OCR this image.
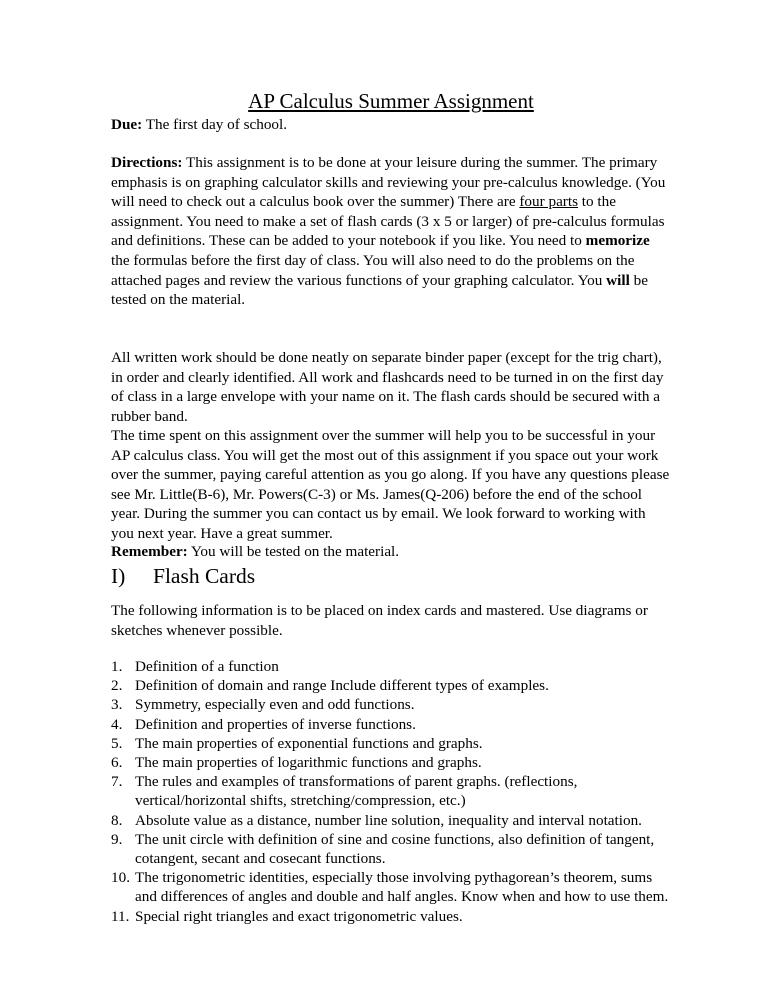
AP Calculus Summer Assignment
Due: The first day of school.
Directions: This assignment is to be done at your leisure during the summer. The primary emphasis is on graphing calculator skills and reviewing your pre-calculus knowledge. (You will need to check out a calculus book over the summer) There are four parts to the assignment. You need to make a set of flash cards (3 x 5 or larger) of pre-calculus formulas and definitions. These can be added to your notebook if you like. You need to memorize the formulas before the first day of class. You will also need to do the problems on the attached pages and review the various functions of your graphing calculator. You will be tested on the material.
All written work should be done neatly on separate binder paper (except for the trig chart), in order and clearly identified. All work and flashcards need to be turned in on the first day of class in a large envelope with your name on it. The flash cards should be secured with a rubber band.
The time spent on this assignment over the summer will help you to be successful in your AP calculus class. You will get the most out of this assignment if you space out your work over the summer, paying careful attention as you go along. If you have any questions please see Mr. Little(B-6), Mr. Powers(C-3) or Ms. James(Q-206) before the end of the school year. During the summer you can contact us by email. We look forward to working with you next year. Have a great summer.
Remember: You will be tested on the material.
I) Flash Cards
The following information is to be placed on index cards and mastered. Use diagrams or sketches whenever possible.
1. Definition of a function
2. Definition of domain and range Include different types of examples.
3. Symmetry, especially even and odd functions.
4. Definition and properties of inverse functions.
5. The main properties of exponential functions and graphs.
6. The main properties of logarithmic functions and graphs.
7. The rules and examples of transformations of parent graphs. (reflections, vertical/horizontal shifts, stretching/compression, etc.)
8. Absolute value as a distance, number line solution, inequality and interval notation.
9. The unit circle with definition of sine and cosine functions, also definition of tangent, cotangent, secant and cosecant functions.
10. The trigonometric identities, especially those involving pythagorean’s theorem, sums and differences of angles and double and half angles. Know when and how to use them.
11. Special right triangles and exact trigonometric values.
